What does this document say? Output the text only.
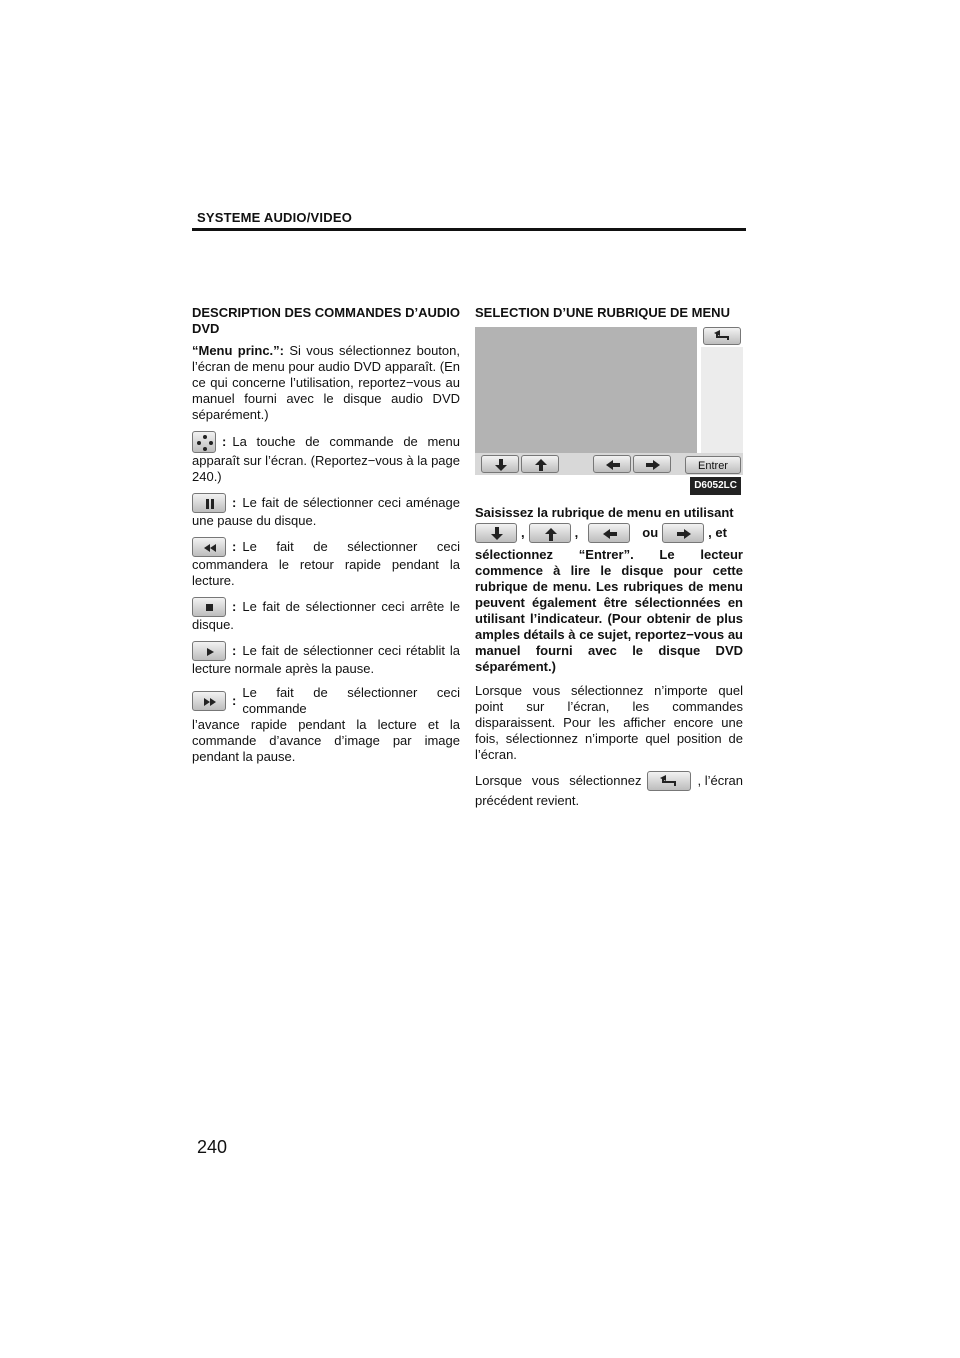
SYSTEME AUDIO/VIDEO
DESCRIPTION DES COMMANDES D’AUDIO DVD

“Menu princ.”: Si vous sélectionnez bouton, l’écran de menu pour audio DVD apparaît. (En ce qui concerne l’utilisation, reportez−vous au manuel fourni avec le disque audio DVD séparément.)

: La touche de commande de menu
apparaît sur l’écran. (Reportez−vous à la page 240.)
: Le fait de sélectionner ceci aménage
une pause du disque.
: Le fait de sélectionner ceci
commandera le retour rapide pendant la lecture.
: Le fait de sélectionner ceci arrête le
disque.
: Le fait de sélectionner ceci rétablit la
lecture normale après la pause.
:
Le fait de sélectionner ceci commande
l’avance rapide pendant la lecture et la commande d’avance d’image par image pendant la pause.
SELECTION D’UNE RUBRIQUE DE MENU
Entrer
D6052LC

Saisissez la rubrique de menu en utilisant

,	,	ou	, et

sélectionnez “Entrer”. Le lecteur commence à lire le disque pour cette rubrique de menu. Les rubriques de menu peuvent également être sélectionnées en utilisant l’indicateur. (Pour obtenir de plus amples détails à ce sujet, reportez−vous au manuel fourni avec le disque DVD séparément.)

Lorsque vous sélectionnez n’importe quel point sur l’écran, les commandes disparaissent. Pour les afficher encore une fois, sélectionnez n’importe quel position de l’écran.

Lorsque vous sélectionnez	, l’écran

précédent revient.

240
